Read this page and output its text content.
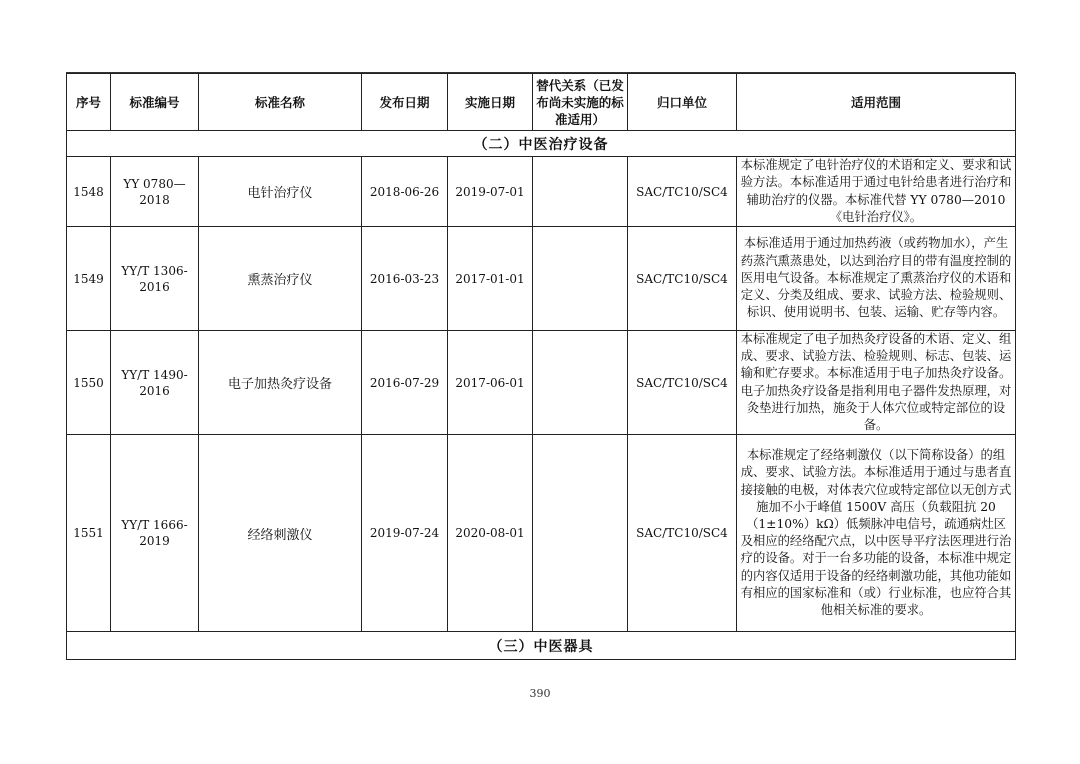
序号	标准编号	标准名称	发布日期	实施日期	替代关系（已发布尚未实施的标准适用）	归口单位	适用范围
（二）中医治疗设备							
1548	YY 0780—2018	电针治疗仪	2018-06-26	2019-07-01		SAC/TC10/SC4	本标准规定了电针治疗仪的术语和定义、要求和试验方法。本标准适用于通过电针给患者进行治疗和辅助治疗的仪器。本标准代替 YY 0780—2010《电针治疗仪》。
1549	YY/T 1306-2016	熏蒸治疗仪	2016-03-23	2017-01-01		SAC/TC10/SC4	本标准适用于通过加热药液（或药物加水），产生药蒸汽熏蒸患处，以达到治疗目的带有温度控制的医用电气设备。本标准规定了熏蒸治疗仪的术语和定义、分类及组成、要求、试验方法、检验规则、标识、使用说明书、包装、运输、贮存等内容。
1550	YY/T 1490-2016	电子加热灸疗设备	2016-07-29	2017-06-01		SAC/TC10/SC4	本标准规定了电子加热灸疗设备的术语、定义、组成、要求、试验方法、检验规则、标志、包装、运输和贮存要求。本标准适用于电子加热灸疗设备。电子加热灸疗设备是指利用电子器件发热原理，对灸垫进行加热，施灸于人体穴位或特定部位的设备。
1551	YY/T 1666-2019	经络刺激仪	2019-07-24	2020-08-01		SAC/TC10/SC4	本标准规定了经络刺激仪（以下简称设备）的组成、要求、试验方法。本标准适用于通过与患者直接接触的电极，对体表穴位或特定部位以无创方式施加不小于峰值 1500V 高压（负载阻抗 20（1±10%）kΩ）低频脉冲电信号，疏通病灶区及相应的经络配穴点，以中医导平疗法医理进行治疗的设备。对于一台多功能的设备，本标准中规定的内容仅适用于设备的经络刺激功能，其他功能如有相应的国家标准和（或）行业标准，也应符合其他相关标准的要求。
（三）中医器具							
390
